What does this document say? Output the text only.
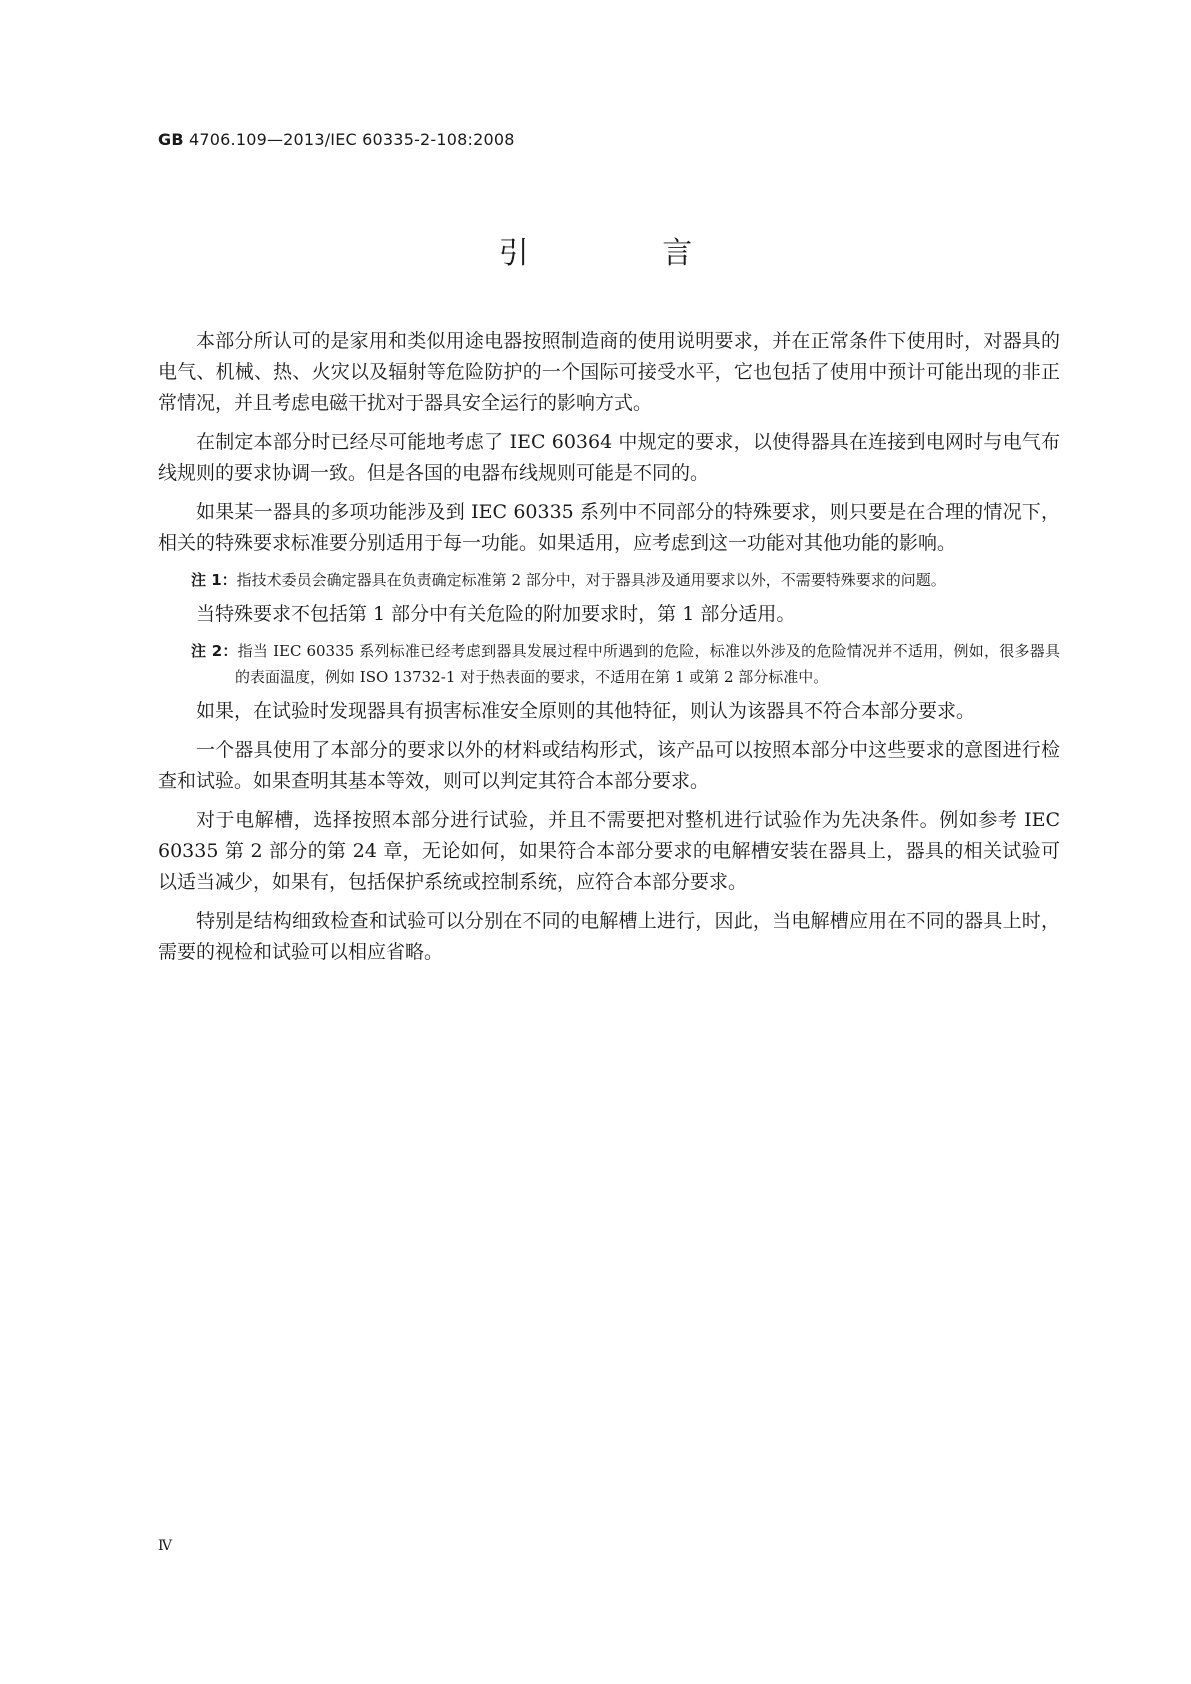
GB 4706.109—2013/IEC 60335-2-108:2008
引 言

本部分所认可的是家用和类似用途电器按照制造商的使用说明要求，并在正常条件下使用时，对器具的电气、机械、热、火灾以及辐射等危险防护的一个国际可接受水平，它也包括了使用中预计可能出现的非正常情况，并且考虑电磁干扰对于器具安全运行的影响方式。

在制定本部分时已经尽可能地考虑了 IEC 60364 中规定的要求，以使得器具在连接到电网时与电气布线规则的要求协调一致。但是各国的电器布线规则可能是不同的。

如果某一器具的多项功能涉及到 IEC 60335 系列中不同部分的特殊要求，则只要是在合理的情况下，相关的特殊要求标准要分别适用于每一功能。如果适用，应考虑到这一功能对其他功能的影响。

注 1：指技术委员会确定器具在负责确定标准第 2 部分中，对于器具涉及通用要求以外，不需要特殊要求的问题。

当特殊要求不包括第 1 部分中有关危险的附加要求时，第 1 部分适用。

注 2：指当 IEC 60335 系列标准已经考虑到器具发展过程中所遇到的危险，标准以外涉及的危险情况并不适用，例如，很多器具的表面温度，例如 ISO 13732-1 对于热表面的要求，不适用在第 1 或第 2 部分标准中。

如果，在试验时发现器具有损害标准安全原则的其他特征，则认为该器具不符合本部分要求。

一个器具使用了本部分的要求以外的材料或结构形式，该产品可以按照本部分中这些要求的意图进行检查和试验。如果查明其基本等效，则可以判定其符合本部分要求。

对于电解槽，选择按照本部分进行试验，并且不需要把对整机进行试验作为先决条件。例如参考 IEC 60335 第 2 部分的第 24 章，无论如何，如果符合本部分要求的电解槽安装在器具上，器具的相关试验可以适当减少，如果有，包括保护系统或控制系统，应符合本部分要求。

特别是结构细致检查和试验可以分别在不同的电解槽上进行，因此，当电解槽应用在不同的器具上时，需要的视检和试验可以相应省略。

Ⅳ
